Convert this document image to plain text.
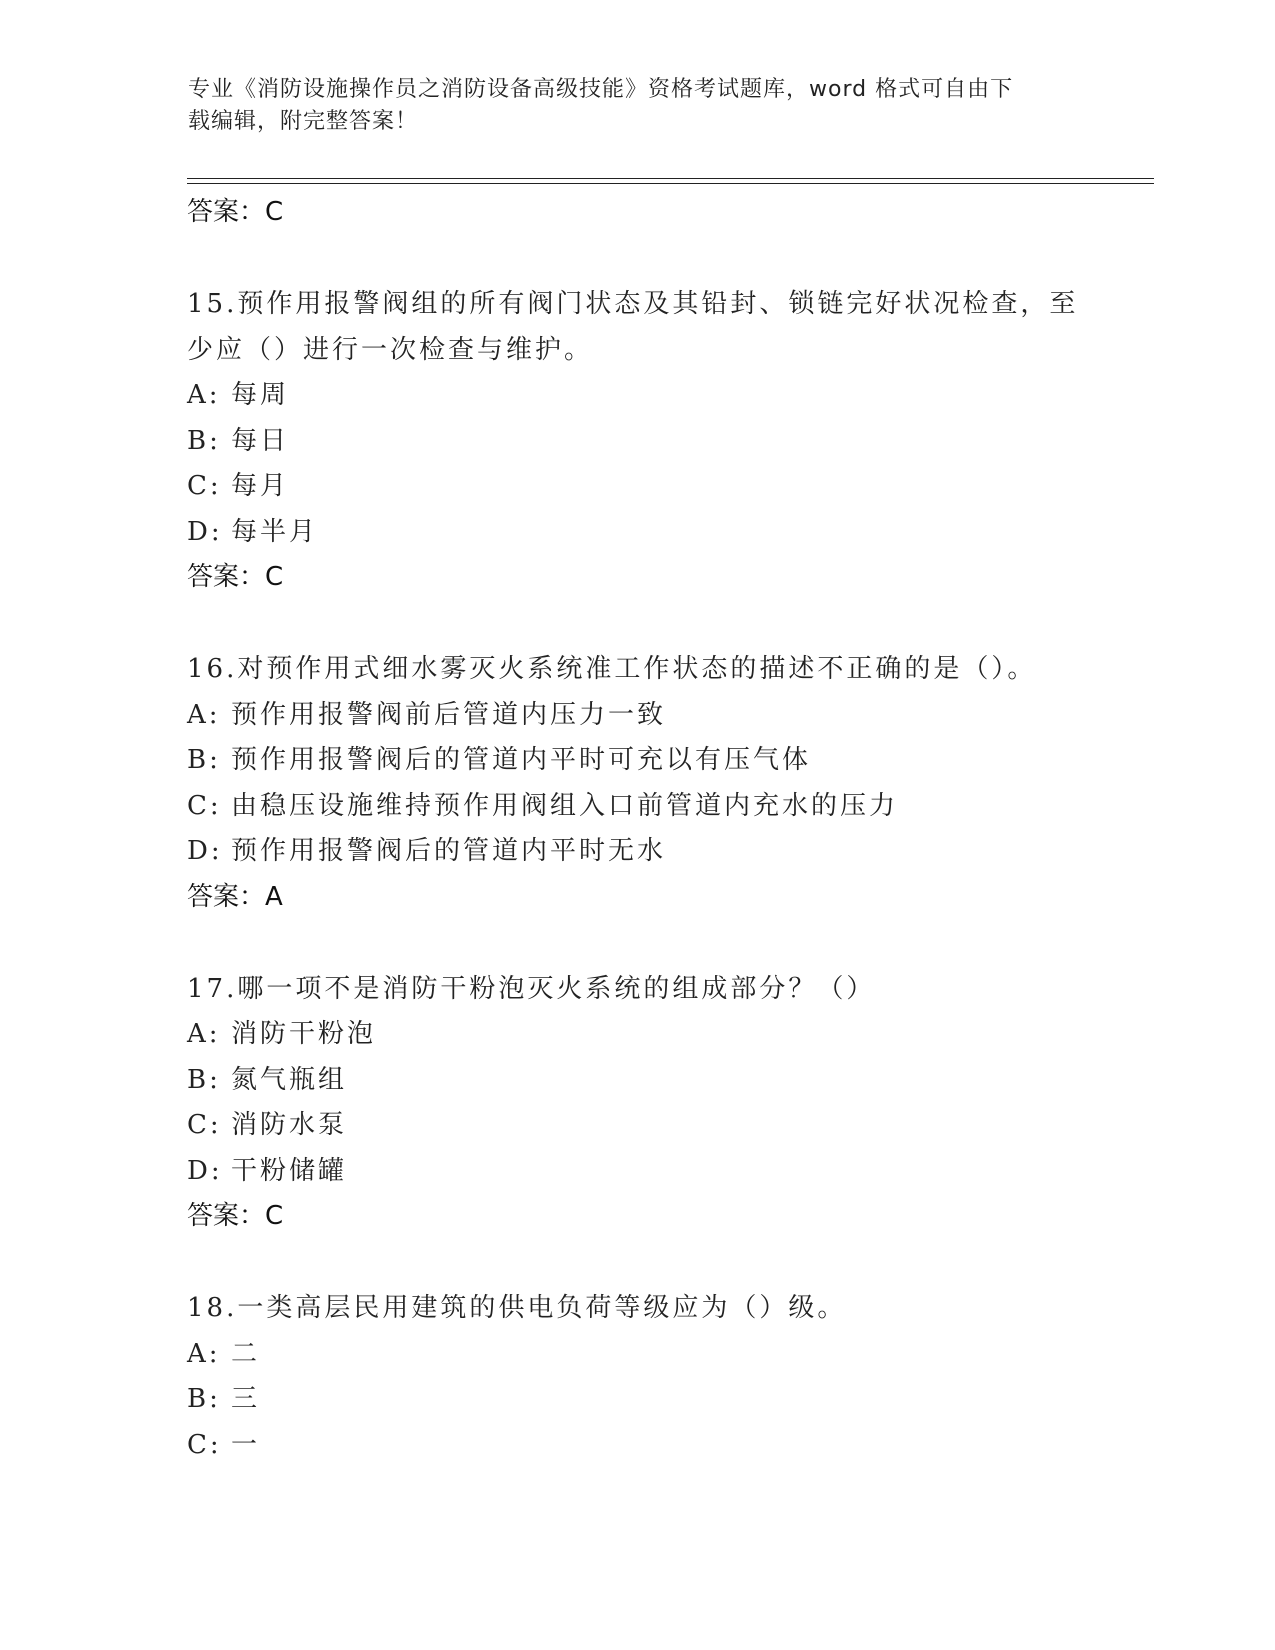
专业《消防设施操作员之消防设备高级技能》资格考试题库，word 格式可自由下
载编辑，附完整答案！

答案：C

15.预作用报警阀组的所有阀门状态及其铅封、锁链完好状况检查，至

少应（）进行一次检查与维护。

A: 每周

B: 每日

C: 每月

D: 每半月

答案：C

16.对预作用式细水雾灭火系统准工作状态的描述不正确的是（）。

A: 预作用报警阀前后管道内压力一致

B: 预作用报警阀后的管道内平时可充以有压气体

C: 由稳压设施维持预作用阀组入口前管道内充水的压力

D: 预作用报警阀后的管道内平时无水

答案：A

17.哪一项不是消防干粉泡灭火系统的组成部分？（）

A: 消防干粉泡

B: 氮气瓶组

C: 消防水泵

D: 干粉储罐

答案：C

18.一类高层民用建筑的供电负荷等级应为（）级。

A: 二

B: 三

C: 一
